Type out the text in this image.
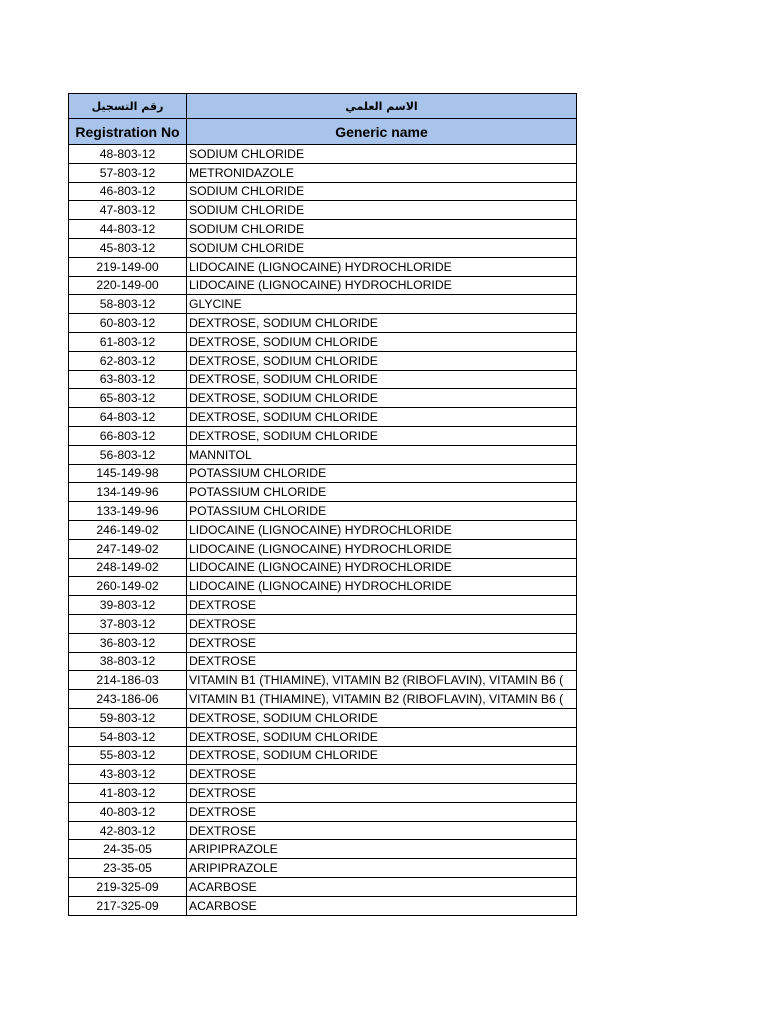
رقم التسجيل	الاسم العلمي
Registration No	Generic name
48-803-12	SODIUM CHLORIDE
57-803-12	METRONIDAZOLE
46-803-12	SODIUM CHLORIDE
47-803-12	SODIUM CHLORIDE
44-803-12	SODIUM CHLORIDE
45-803-12	SODIUM CHLORIDE
219-149-00	LIDOCAINE (LIGNOCAINE) HYDROCHLORIDE
220-149-00	LIDOCAINE (LIGNOCAINE) HYDROCHLORIDE
58-803-12	GLYCINE
60-803-12	DEXTROSE, SODIUM CHLORIDE
61-803-12	DEXTROSE, SODIUM CHLORIDE
62-803-12	DEXTROSE, SODIUM CHLORIDE
63-803-12	DEXTROSE, SODIUM CHLORIDE
65-803-12	DEXTROSE, SODIUM CHLORIDE
64-803-12	DEXTROSE, SODIUM CHLORIDE
66-803-12	DEXTROSE, SODIUM CHLORIDE
56-803-12	MANNITOL
145-149-98	POTASSIUM CHLORIDE
134-149-96	POTASSIUM CHLORIDE
133-149-96	POTASSIUM CHLORIDE
246-149-02	LIDOCAINE (LIGNOCAINE) HYDROCHLORIDE
247-149-02	LIDOCAINE (LIGNOCAINE) HYDROCHLORIDE
248-149-02	LIDOCAINE (LIGNOCAINE) HYDROCHLORIDE
260-149-02	LIDOCAINE (LIGNOCAINE) HYDROCHLORIDE
39-803-12	DEXTROSE
37-803-12	DEXTROSE
36-803-12	DEXTROSE
38-803-12	DEXTROSE
214-186-03	VITAMIN B1 (THIAMINE), VITAMIN B2 (RIBOFLAVIN), VITAMIN B6 (
243-186-06	VITAMIN B1 (THIAMINE), VITAMIN B2 (RIBOFLAVIN), VITAMIN B6 (
59-803-12	DEXTROSE, SODIUM CHLORIDE
54-803-12	DEXTROSE, SODIUM CHLORIDE
55-803-12	DEXTROSE, SODIUM CHLORIDE
43-803-12	DEXTROSE
41-803-12	DEXTROSE
40-803-12	DEXTROSE
42-803-12	DEXTROSE
24-35-05	ARIPIPRAZOLE
23-35-05	ARIPIPRAZOLE
219-325-09	ACARBOSE
217-325-09	ACARBOSE
